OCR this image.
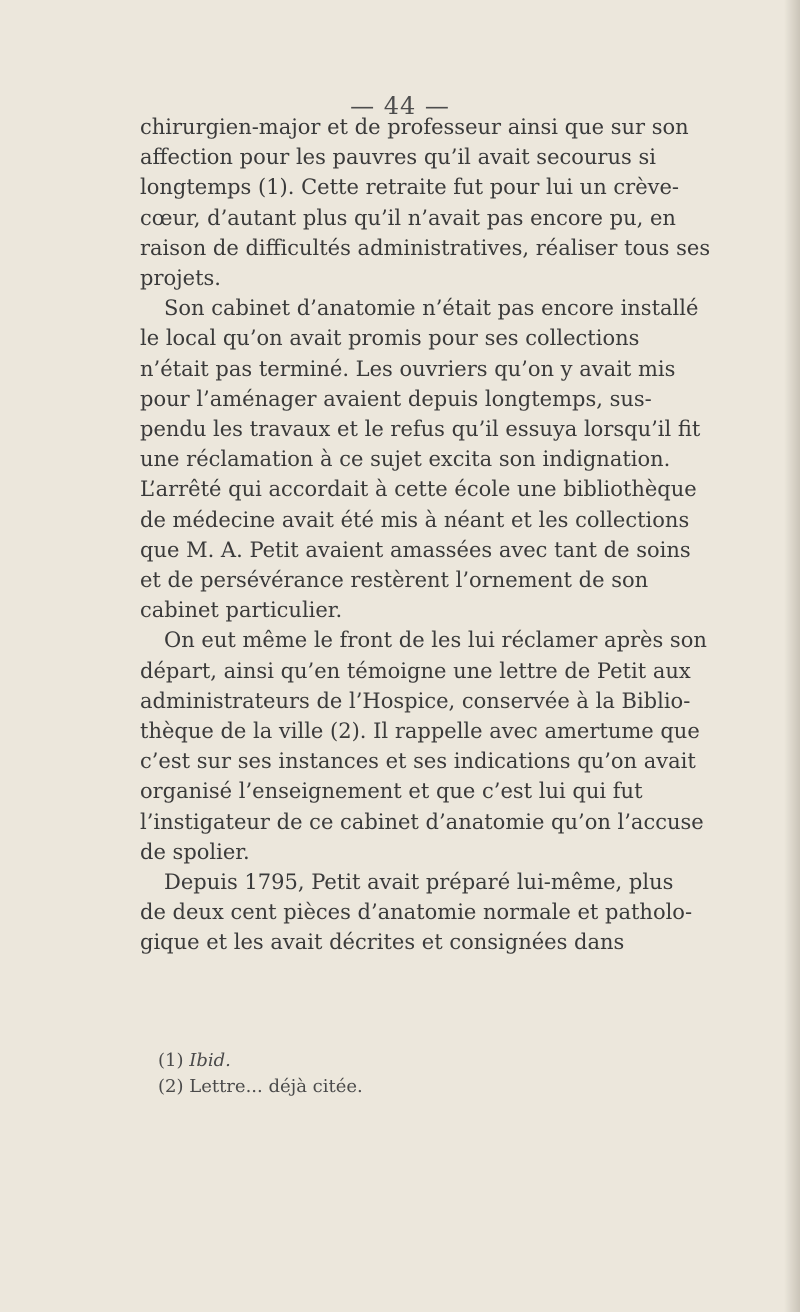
— 44 —
chirurgien-major et de professeur ainsi que sur son
affection pour les pauvres qu’il avait secourus si
longtemps (1). Cette retraite fut pour lui un crève-
cœur, d’autant plus qu’il n’avait pas encore pu, en
raison de difficultés administratives, réaliser tous ses
projets.
Son cabinet d’anatomie n’était pas encore installé
le local qu’on avait promis pour ses collections
n’était pas terminé. Les ouvriers qu’on y avait mis
pour l’aménager avaient depuis longtemps, sus-
pendu les travaux et le refus qu’il essuya lorsqu’il fit
une réclamation à ce sujet excita son indignation.
L’arrêté qui accordait à cette école une bibliothèque
de médecine avait été mis à néant et les collections
que M. A. Petit avaient amassées avec tant de soins
et de persévérance restèrent l’ornement de son
cabinet particulier.
On eut même le front de les lui réclamer après son
départ, ainsi qu’en témoigne une lettre de Petit aux
administrateurs de l’Hospice, conservée à la Biblio-
thèque de la ville (2). Il rappelle avec amertume que
c’est sur ses instances et ses indications qu’on avait
organisé l’enseignement et que c’est lui qui fut
l’instigateur de ce cabinet d’anatomie qu’on l’accuse
de spolier.
Depuis 1795, Petit avait préparé lui-même, plus
de deux cent pièces d’anatomie normale et patholo-
gique et les avait décrites et consignées dans
(1) Ibid.
(2) Lettre... déjà citée.
